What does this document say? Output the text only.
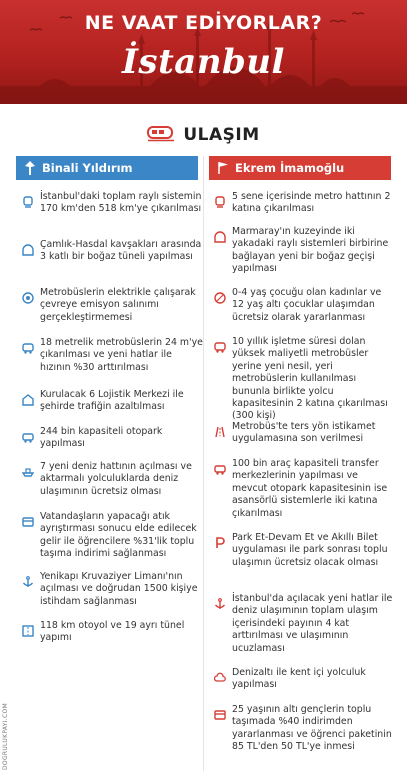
NE VAAT EDİYORLAR?
İstanbul
ULAŞIM
Binali Yıldırım
İstanbul'daki toplam raylı sistemin 170 km'den 518 km'ye çıkarılması
Çamlık-Hasdal kavşakları arasında 3 katlı bir boğaz tüneli yapılması
Metrobüslerin elektrikle çalışarak çevreye emisyon salınımı gerçekleştirmemesi
18 metrelik metrobüslerin 24 m'ye çıkarılması ve yeni hatlar ile hızının %30 arttırılması
Kurulacak 6 Lojistik Merkezi ile şehirde trafiğin azaltılması
244 bin kapasiteli otopark yapılması
7 yeni deniz hattının açılması ve aktarmalı yolculuklarda deniz ulaşımının ücretsiz olması
Vatandaşların yapacağı atık ayrıştırması sonucu elde edilecek gelir ile öğrencilere %31'lik toplu taşıma indirimi sağlanması
Yenikapı Kruvaziyer Limanı'nın açılması ve doğrudan 1500 kişiye istihdam sağlanması
118 km otoyol ve 19 ayrı tünel yapımı
Ekrem İmamoğlu
5 sene içerisinde metro hattının 2 katına çıkarılması
Marmaray'ın kuzeyinde iki yakadaki raylı sistemleri birbirine bağlayan yeni bir boğaz geçişi yapılması
0-4 yaş çocuğu olan kadınlar ve 12 yaş altı çocuklar ulaşımdan ücretsiz olarak yararlanması
10 yıllık işletme süresi dolan yüksek maliyetli metrobüsler yerine yeni nesil, yeri metrobüslerin kullanılması bununla birlikte yolcu kapasitesinin 2 katına çıkarılması (300 kişi)
Metrobüs'te ters yön istikamet uygulamasına son verilmesi
100 bin araç kapasiteli transfer merkezlerinin yapılması ve mevcut otopark kapasitesinin ise asansörlü sistemlerle iki katına çıkarılması
Park Et-Devam Et ve Akıllı Bilet uygulaması ile park sonrası toplu ulaşımın ücretsiz olacak olması
İstanbul'da açılacak yeni hatlar ile deniz ulaşımının toplam ulaşım içerisindeki payının 4 kat arttırılması ve ulaşımının ucuzlaması
Denizaltı ile kent içi yolculuk yapılması
25 yaşının altı gençlerin toplu taşımada %40 indirimden yararlanması ve öğrenci paketinin 85 TL'den 50 TL'ye inmesi
DOGRULUKPAYI.COM
